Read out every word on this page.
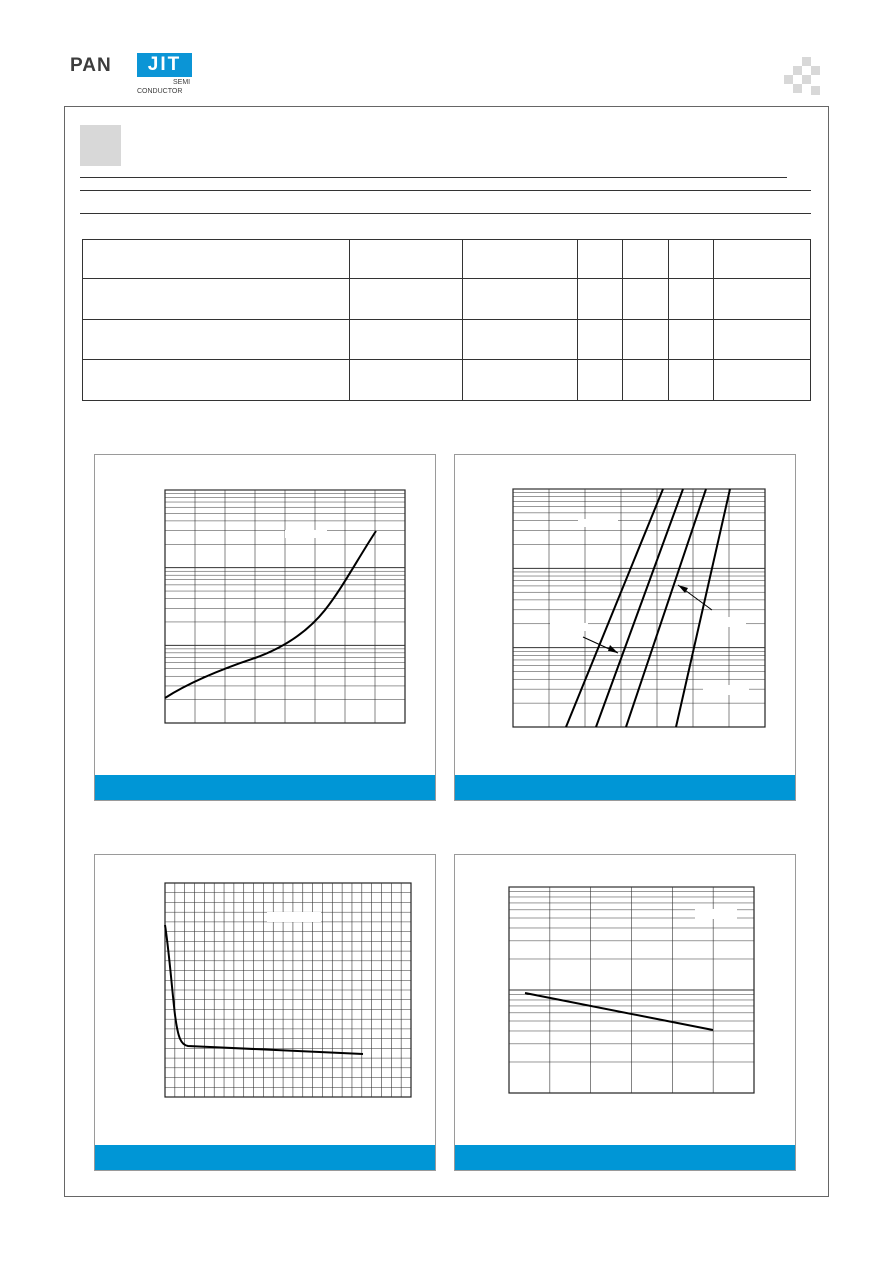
PAN	JIT
SEMI
CONDUCTOR
